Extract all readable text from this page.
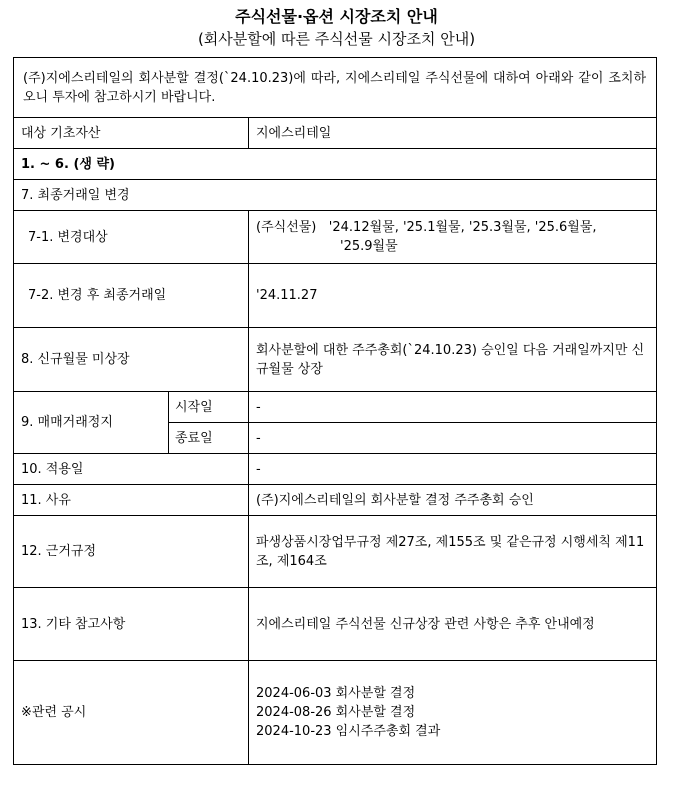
주식선물·옵션 시장조치 안내
(회사분할에 따른 주식선물 시장조치 안내)
(주)지에스리테일의 회사분할 결정(`24.10.23)에 따라, 지에스리테일 주식선물에 대하여 아래와 같이 조치하오니 투자에 참고하시기 바랍니다.		
대상 기초자산		지에스리테일
1. ~ 6. (생 략)		
7. 최종거래일 변경		
7-1. 변경대상		(주식선물) '24.12월물, '25.1월물, '25.3월물, '25.6월물,
'25.9월물

7-2. 변경 후 최종거래일		'24.11.27
8. 신규월물 미상장		회사분할에 대한 주주총회(`24.10.23) 승인일 다음 거래일까지만 신규월물 상장
9. 매매거래정지	시작일	-
	종료일	-
10. 적용일		-
11. 사유		(주)지에스리테일의 회사분할 결정 주주총회 승인
12. 근거규정		파생상품시장업무규정 제27조, 제155조 및 같은규정 시행세칙 제11조, 제164조
13. 기타 참고사항		지에스리테일 주식선물 신규상장 관련 사항은 추후 안내예정
※관련 공시		2024-06-03 회사분할 결정
2024-08-26 회사분할 결정
2024-10-23 임시주주총회 결과
